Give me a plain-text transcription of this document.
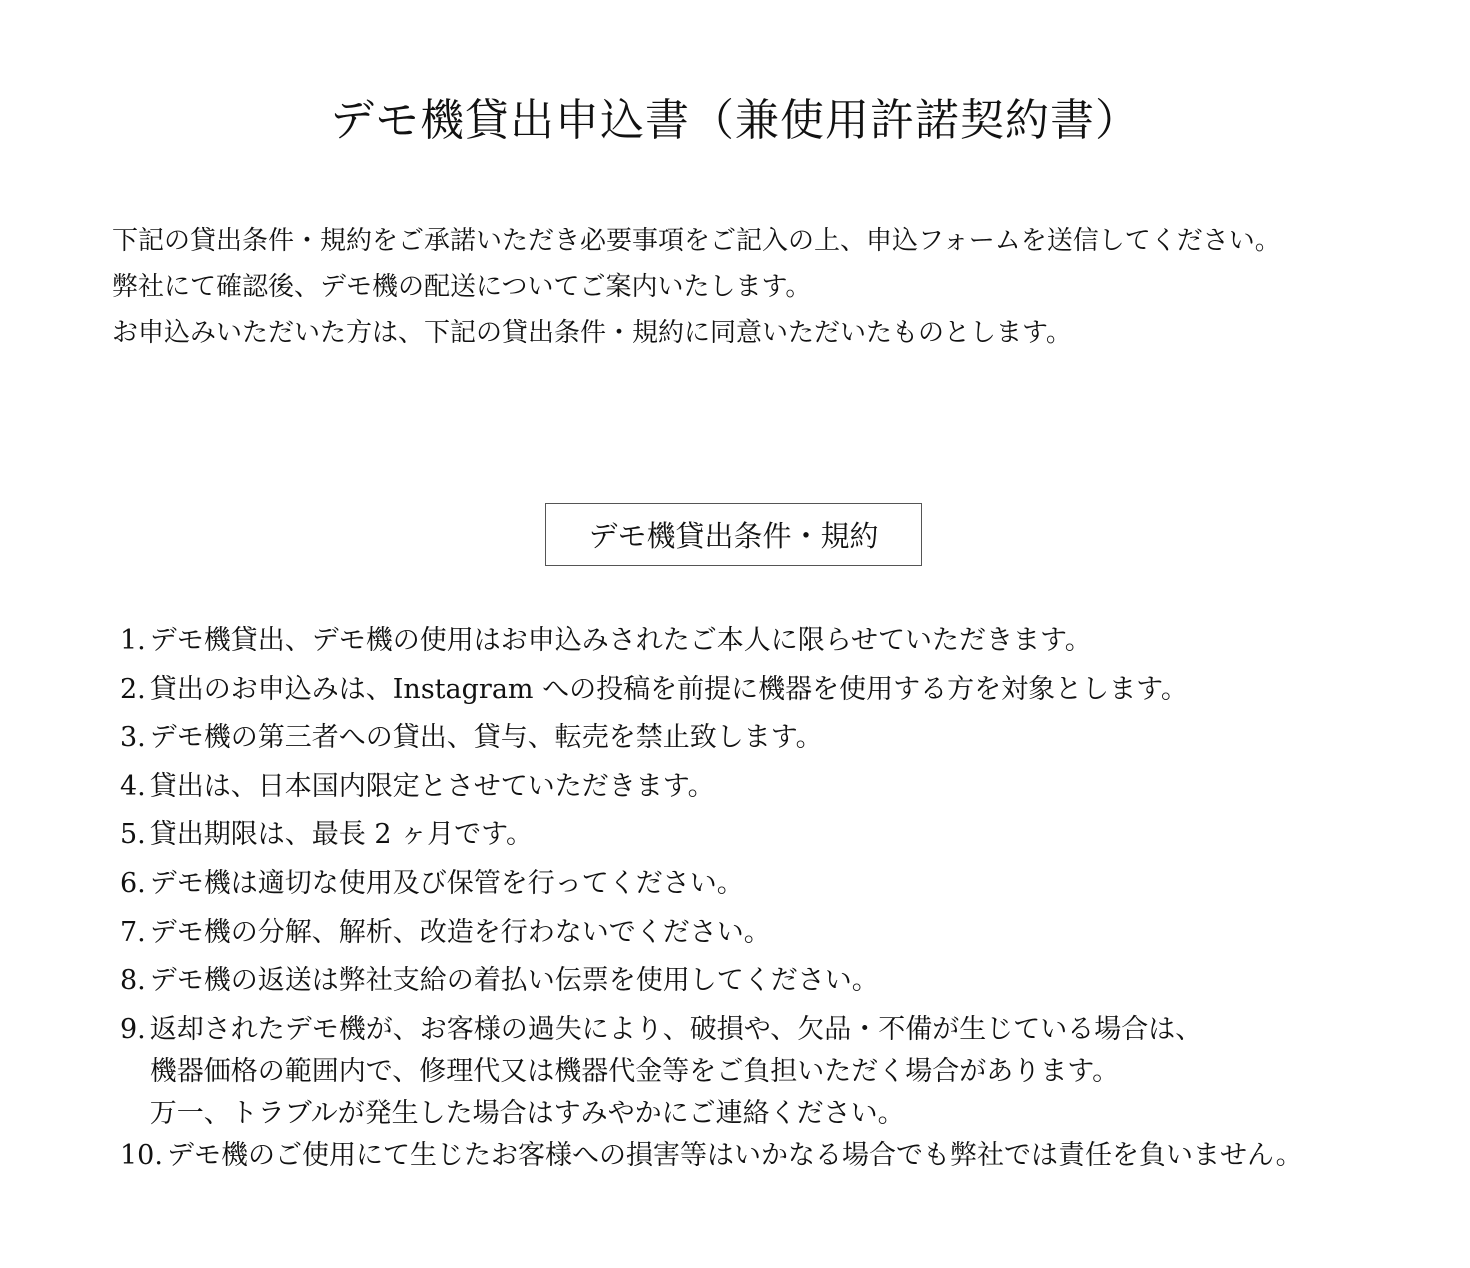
デモ機貸出申込書（兼使用許諾契約書）

下記の貸出条件・規約をご承諾いただき必要事項をご記入の上、申込フォームを送信してください。

弊社にて確認後、デモ機の配送についてご案内いたします。

お申込みいただいた方は、下記の貸出条件・規約に同意いただいたものとします。

デモ機貸出条件・規約
1. デモ機貸出、デモ機の使用はお申込みされたご本人に限らせていただきます。
2. 貸出のお申込みは、Instagram への投稿を前提に機器を使用する方を対象とします。
3. デモ機の第三者への貸出、貸与、転売を禁止致します。
4. 貸出は、日本国内限定とさせていただきます。
5. 貸出期限は、最長 2 ヶ月です。
6. デモ機は適切な使用及び保管を行ってください。
7. デモ機の分解、解析、改造を行わないでください。
8. デモ機の返送は弊社支給の着払い伝票を使用してください。
9. 返却されたデモ機が、お客様の過失により、破損や、欠品・不備が生じている場合は、
機器価格の範囲内で、修理代又は機器代金等をご負担いただく場合があります。
万一、トラブルが発生した場合はすみやかにご連絡ください。
10. デモ機のご使用にて生じたお客様への損害等はいかなる場合でも弊社では責任を負いません。
